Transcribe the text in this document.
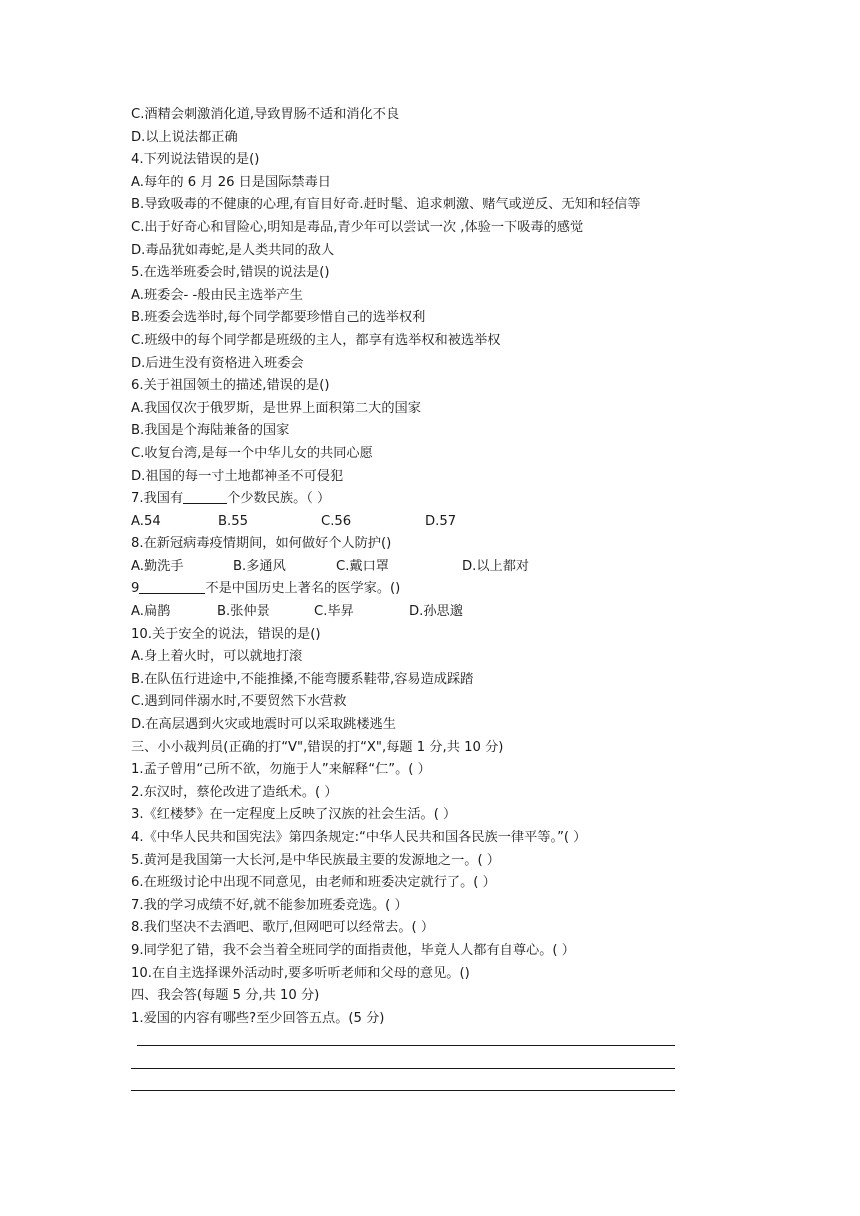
C.酒精会刺激消化道,导致胃肠不适和消化不良
D.以上说法都正确
4.下列说法错误的是()
A.每年的 6 月 26 日是国际禁毒日
B.导致吸毒的不健康的心理,有盲目好奇.赶时髦、追求刺激、赌气或逆反、无知和轻信等
C.出于好奇心和冒险心,明知是毒品,青少年可以尝试一次 ,体验一下吸毒的感觉
D.毒品犹如毒蛇,是人类共同的敌人
5.在选举班委会时,错误的说法是()
A.班委会- -般由民主选举产生
B.班委会选举时,每个同学都要珍惜自己的选举权利
C.班级中的每个同学都是班级的主人，都享有选举权和被选举权
D.后进生没有资格进入班委会
6.关于祖国领土的描述,错误的是()
A.我国仅次于俄罗斯，是世界上面积第二大的国家
B.我国是个海陆兼备的国家
C.收复台湾,是每一个中华儿女的共同心愿
D.祖国的每一寸土地都神圣不可侵犯
7.我国有	个少数民族。（ ）
A.54	B.55	C.56	D.57
8.在新冠病毒疫情期间，如何做好个人防护()
A.勤洗手	B.多通风	C.戴口罩	D.以上都对
9	不是中国历史上著名的医学家。()
A.扁鹊	B.张仲景	C.毕昇	D.孙思邈
10.关于安全的说法，错误的是()
A.身上着火时，可以就地打滚
B.在队伍行进途中,不能推搡,不能弯腰系鞋带,容易造成踩踏
C.遇到同伴溺水时,不要贸然下水营救
D.在高层遇到火灾或地震时可以采取跳楼逃生
三、小小裁判员(正确的打“V",错误的打“X",每题 1 分,共 10 分)
1.孟子曾用“己所不欲，勿施于人”来解释“仁”。( ）
2.东汉时，蔡伦改进了造纸术。( ）
3.《红楼梦》在一定程度上反映了汉族的社会生活。( ）
4.《中华人民共和国宪法》第四条规定:“中华人民共和国各民族一律平等。”( ）
5.黄河是我国第一大长河,是中华民族最主要的发源地之一。( ）
6.在班级讨论中出现不同意见，由老师和班委决定就行了。( ）
7.我的学习成绩不好,就不能参加班委竞选。( ）
8.我们坚决不去酒吧、歌厅,但网吧可以经常去。( ）
9.同学犯了错，我不会当着全班同学的面指责他，毕竟人人都有自尊心。( ）
10.在自主选择课外活动时,要多听听老师和父母的意见。()
四、我会答(每题 5 分,共 10 分)
1.爱国的内容有哪些?至少回答五点。(5 分)
